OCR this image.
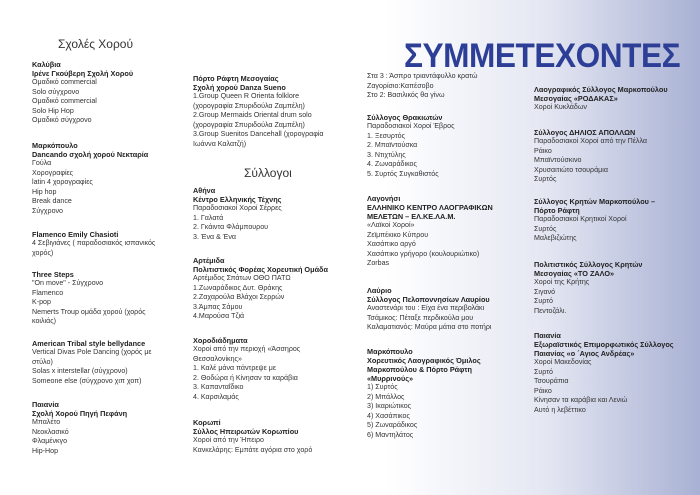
ΣΥΜΜΕΤΕΧΟΝΤΕΣ
Σχολές Χορού
Σύλλογοι
Καλύβια
Ιρένε Γκούβερη Σχολή Χορού
Ομαδικό commercial
Solo σύγχρονο
Ομαδικό commercial
Solo Hip Hop
Ομαδικό σύγχρονο
Μαρκόπουλο
Dancando σχολή χορού Νεκταρία
Γούλα
Χορογραφίες
latin 4 χορογραφίες
Hip hop
Break dance
Σύγχρονο
Flamenco Emily Chasioti
4 Σεβιγιάνες ( παραδοσιακός ισπανικός
χορός)
Three Steps
"On move" - Σύγχρονο
Flamenco
K-pop
Nemerts Troup ομάδα χορού (χορός
κοιλιάς)
American Tribal style bellydance
Vertical Divas Pole Dancing (χορός με
στύλο)
Solas x interstellar (σύγχρονο)
Someone else (σύγχρονο χιπ χοπ)
Παιανία
Σχολή Χορού Πηγή Πεφάνη
Μπαλέτο
Νεοκλασικό
Φλαμένκγο
Hip-Hop
Πόρτο Ράφτη Μεσογαίας
Σχολή χορού Danza Sueno
1.Group Queen R Orienta folklore
(χορογραφία Σπυριδούλα Ζαμπέλη)
2.Group Mermaids Oriental drum solo
(χορογραφία Σπυριδούλα Ζαμπέλη)
3.Group Suenitos Dancehall (χορογραφία
Ιωάννα Καλατζή)
Αθήνα
Κέντρο Ελληνικής Τέχνης
Παραδοσιακοί Χοροί Σέρρες
1. Γαλατά
2. Γκάιντα Φλάμπουρου
3. Ένα & Ένα
Αρτέμιδα
Πολιτιστικός Φορέας Χορευτική Ομάδα
Αρτέμιδος Σπάτων ΟΘΟ ΠΑΤΩ
1.Ζωναράδικος Δυτ. Θράκης
2.Ζαχαρούλα Βλάχοι Σερρών
3.Άμπας Σάμου
4.Μαρούσα Τζιά
Χοροδιάδηματα
Χοροί από την περιοχή «Άσσηρος
Θεσσαλονίκης»
1. Καλέ μάνα πάντρεψε με
2. Θοδώρα ή Κίνησαν τα καράβια
3. Καπανταΐδικο
4. Καρσιλαμάς
Κορωπί
Σύλλος Ηπειρωτών Κορωπίου
Χοροί από την Ήπειρο
Κανκελάρης: Εμπάτε αγόρια στο χορό
Στα 3 : Άσπρο τριαντάφυλλο κρατώ
Ζαγορίσιο:Καπέσοβο
Στο 2: Βασιλικός θα γίνω
Σύλλογος Θρακιωτών
Παραδοσιακοί Χοροί Έβρος
1. Ξεσυρτός
2. Μπαϊντούσκα
3. Ντιχτύλης
4. Ζωναράδικος
5. Συρτός Συγκαθιστός
Λαγονήσι
ΕΛΛΗΝΙΚΟ ΚΕΝΤΡΟ ΛΑΟΓΡΑΦΙΚΩΝ
ΜΕΛΕΤΩΝ – ΕΛ.ΚΕ.ΛΑ.Μ.
«Λαϊκοί Χοροί»
Ζεϊμπέκικο Κύπρου
Χασάπικο αργό
Χασάπικο γρήγορο (κουλουριώτικο)
Zorbas
Λαύριο
Σύλλογος Πελοποννησίων Λαυρίου
Αναστενάρι του : Είχα ένα περιβολάκι
Τσάμικος: Πέταξε περδικούλα μου
Καλαματιανός: Μαύρα μάτια στο ποτήρι
Μαρκόπουλο
Χορευτικός Λαογραφικός Όμιλος
Μαρκοπούλου & Πόρτο Ράφτη
«Μυρρινούς»
1) Συρτός
2) Μπάλλος
3) Ικαριώτικος
4) Χασάπικος
5) Ζωναράδικος
6) Μαντηλάτος
Λαογραφικός Σύλλογος Μαρκοπούλου
Μεσογαίας «ΡΟΔΑΚΑΣ»
Χοροί Κυκλάδων
Σύλλογος ΔΗΛΙΟΣ ΑΠΟΛΛΩΝ
Παραδοσιακοί Χοροί από την Πέλλα
Ράικο
Μπαϊντούσκινο
Χρυσαιτιώτο τσουράμια
Συρτός
Σύλλογος Κρητών Μαρκοπούλου –
Πόρτο Ράφτη
Παραδοσιακοί Κρητικοί Χοροί
Συρτός
Μαλεβιζιώτης
Πολιτιστικός Σύλλογος Κρητών
Μεσογαίας «ΤΟ ΖΑΛΟ»
Χοροί της Κρήτης
Σιγανό
Συρτό
Πεντοζάλι.
Παιανία
Εξωραϊστικός Επιμορφωτικός Σύλλογος
Παιανίας «ο ´Αγιος Ανδρέας»
Χοροί Μακεδονίας
Συρτό
Τσουράπια
Ράικο
Κίνησαν τα καράβια και Λενιώ
Αυτό η λεβέττικο
